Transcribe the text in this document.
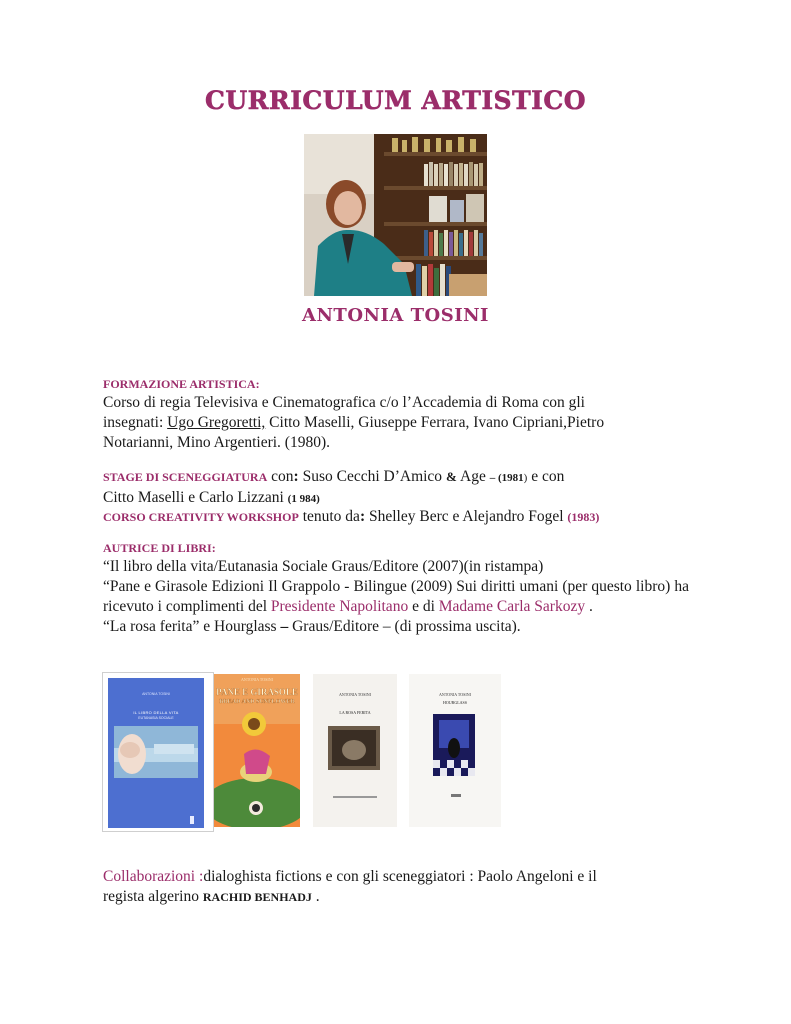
CURRICULUM ARTISTICO
ANTONIA TOSINI
FORMAZIONE ARTISTICA:
Corso di regia Televisiva e Cinematografica c/o l’Accademia di Roma con gli
insegnati: Ugo Gregoretti, Citto Maselli, Giuseppe Ferrara, Ivano Cipriani,Pietro
Notarianni, Mino Argentieri. (1980).
STAGE DI SCENEGGIATURA con: Suso Cecchi D’Amico & Age – (1981) e con
Citto Maselli e Carlo Lizzani (1 984)
CORSO CREATIVITY WORKSHOP tenuto da: Shelley Berc e Alejandro Fogel (1983)
AUTRICE DI LIBRI:
“Il libro della vita/Eutanasia Sociale Graus/Editore (2007)(in ristampa)
“Pane e Girasole Edizioni Il Grappolo - Bilingue (2009) Sui diritti umani (per questo libro) ha ricevuto i complimenti del Presidente Napolitano e di Madame Carla Sarkozy .
“La rosa ferita” e Hourglass – Graus/Editore – (di prossima uscita).
ANTONIA TOSINI
IL LIBRO DELLA VITA
EUTANASIA SOCIALE
ANTONIA TOSINI
PANE E GIRASOLE
BREAD AND SUNFLOWER
ANTONIA TOSINI
LA ROSA FERITA
ANTONIA TOSINI
HOURGLASS
Collaborazioni :dialoghista fictions e con gli sceneggiatori : Paolo Angeloni e il
regista algerino RACHID BENHADJ .
